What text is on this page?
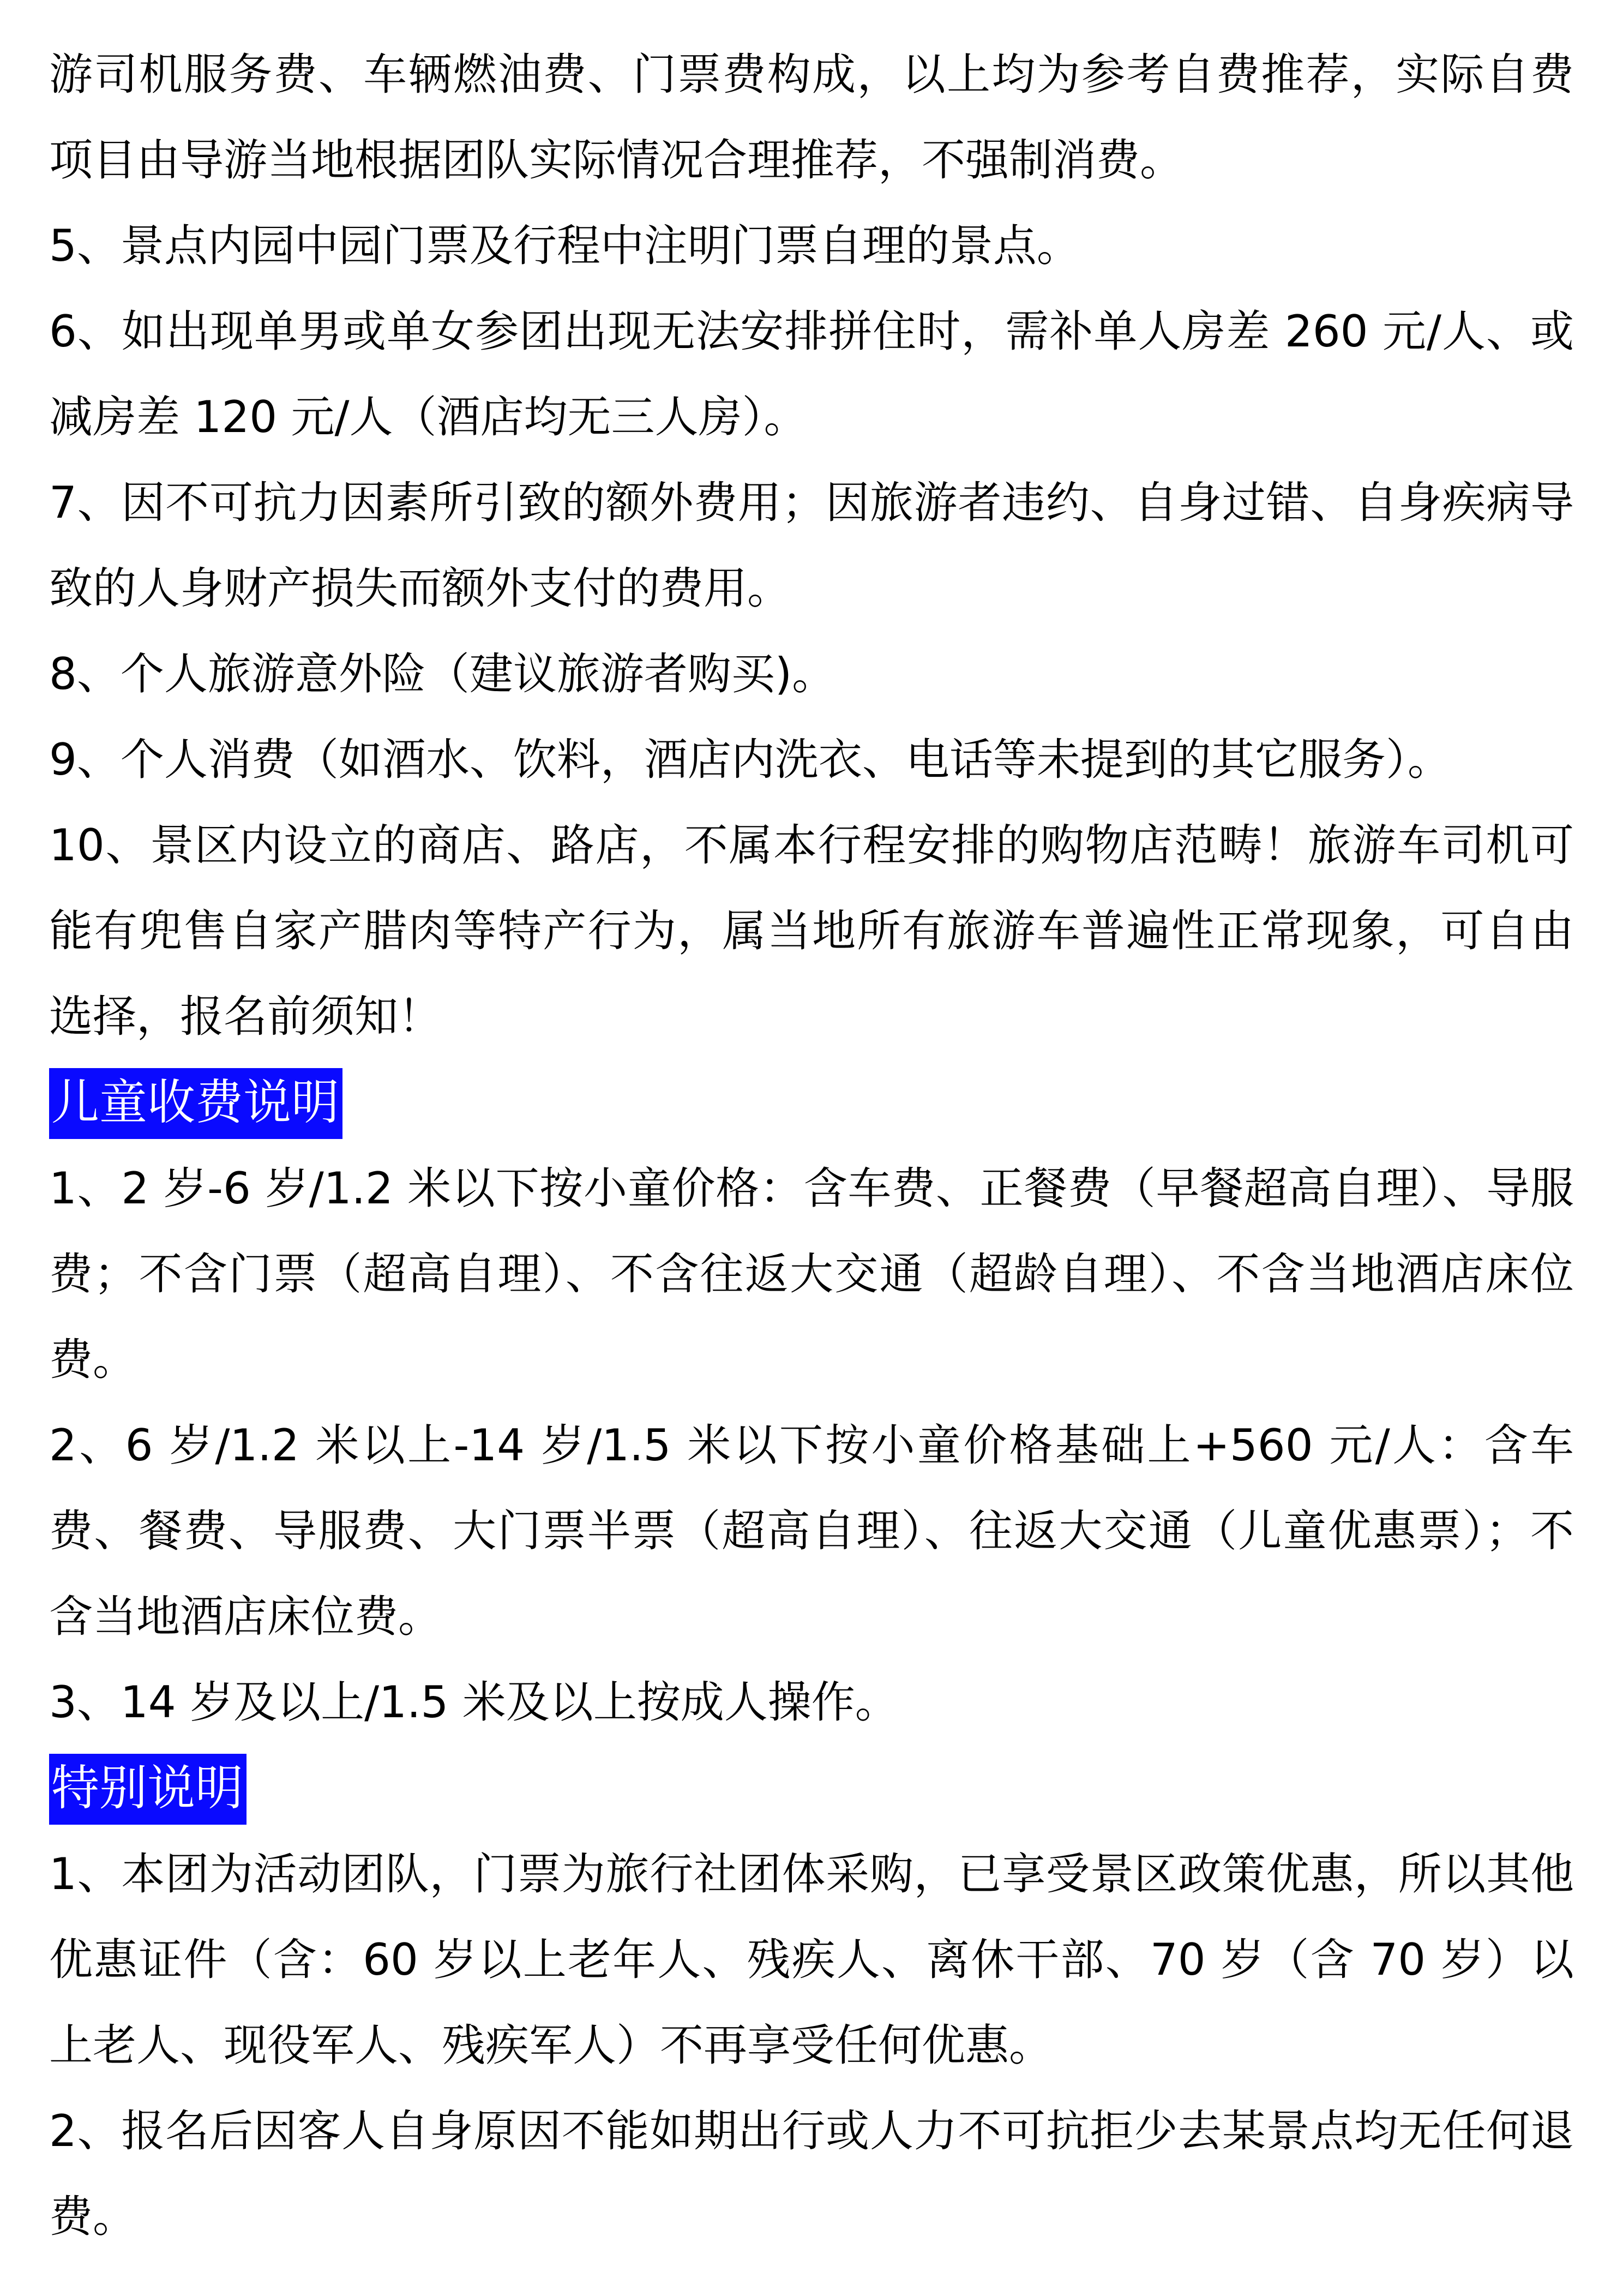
游司机服务费、车辆燃油费、门票费构成，以上均为参考自费推荐，实际自费项目由导游当地根据团队实际情况合理推荐，不强制消费。

5、景点内园中园门票及行程中注明门票自理的景点。

6、如出现单男或单女参团出现无法安排拼住时，需补单人房差 260 元/人、或减房差 120 元/人（酒店均无三人房）。

7、因不可抗力因素所引致的额外费用；因旅游者违约、自身过错、自身疾病导致的人身财产损失而额外支付的费用。

8、个人旅游意外险（建议旅游者购买)。

9、个人消费（如酒水、饮料，酒店内洗衣、电话等未提到的其它服务）。

10、景区内设立的商店、路店，不属本行程安排的购物店范畴！旅游车司机可能有兜售自家产腊肉等特产行为，属当地所有旅游车普遍性正常现象，可自由选择，报名前须知！

儿童收费说明

1、2 岁-6 岁/1.2 米以下按小童价格：含车费、正餐费（早餐超高自理）、导服费；不含门票（超高自理）、不含往返大交通（超龄自理）、不含当地酒店床位费。

2、6 岁/1.2 米以上-14 岁/1.5 米以下按小童价格基础上+560 元/人：含车费、餐费、导服费、大门票半票（超高自理）、往返大交通（儿童优惠票）；不含当地酒店床位费。

3、14 岁及以上/1.5 米及以上按成人操作。

特别说明

1、本团为活动团队，门票为旅行社团体采购，已享受景区政策优惠，所以其他优惠证件（含：60 岁以上老年人、残疾人、离休干部、70 岁（含 70 岁）以上老人、现役军人、残疾军人）不再享受任何优惠。

2、报名后因客人自身原因不能如期出行或人力不可抗拒少去某景点均无任何退费。
